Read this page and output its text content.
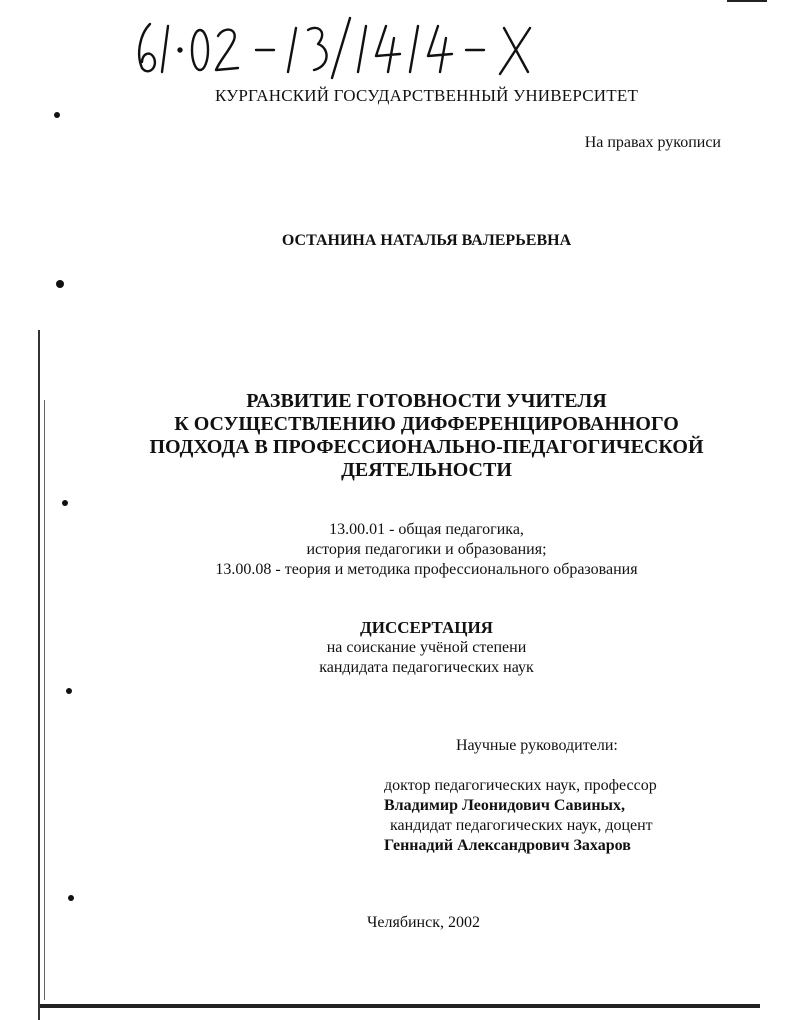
КУРГАНСКИЙ ГОСУДАРСТВЕННЫЙ УНИВЕРСИТЕТ
На правах рукописи
ОСТАНИНА НАТАЛЬЯ ВАЛЕРЬЕВНА
РАЗВИТИЕ ГОТОВНОСТИ УЧИТЕЛЯ
К ОСУЩЕСТВЛЕНИЮ ДИФФЕРЕНЦИРОВАННОГО
ПОДХОДА В ПРОФЕССИОНАЛЬНО-ПЕДАГОГИЧЕСКОЙ
ДЕЯТЕЛЬНОСТИ
13.00.01 - общая педагогика,
история педагогики и образования;
13.00.08 - теория и методика профессионального образования
ДИССЕРТАЦИЯ
на соискание учёной степени
кандидата педагогических наук
Научные руководители:
доктор педагогических наук, профессор
Владимир Леонидович Савиных,
кандидат педагогических наук, доцент
Геннадий Александрович Захаров
Челябинск, 2002
